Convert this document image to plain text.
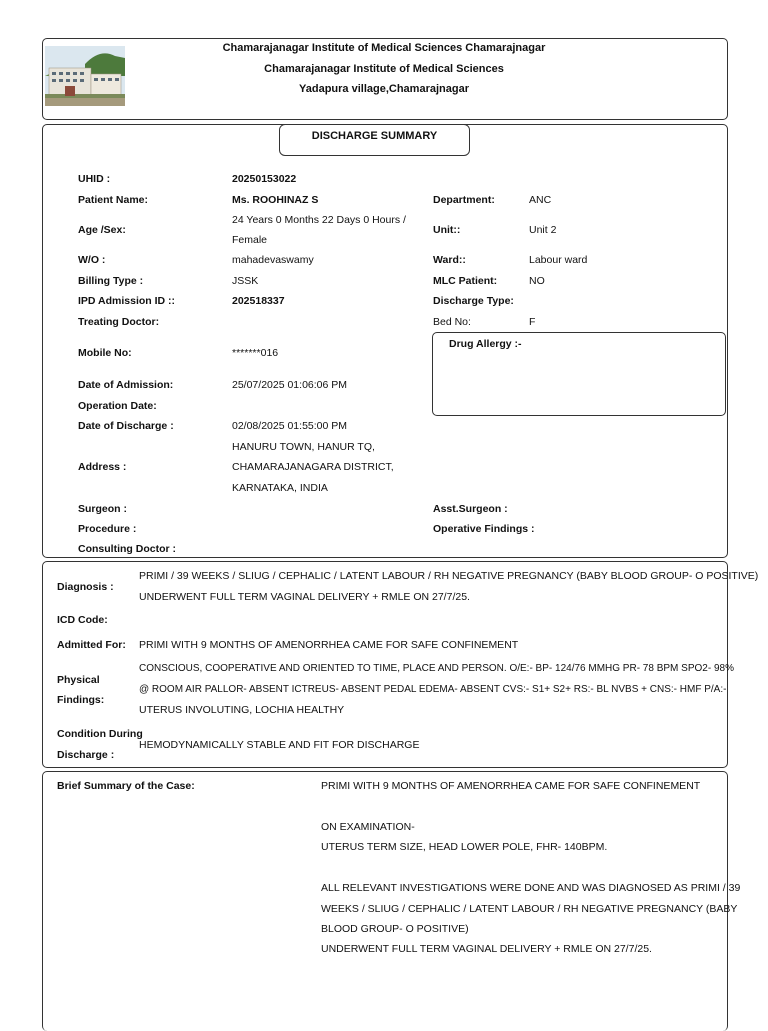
Chamarajanagar Institute of Medical Sciences Chamarajnagar
Chamarajanagar Institute of Medical Sciences
Yadapura village,Chamarajnagar
DISCHARGE SUMMARY
UHID :	20250153022
Patient Name:	Ms. ROOHINAZ S
Age /Sex:
24 Years 0 Months 22 Days 0 Hours /
Female
W/O :	mahadevaswamy
Billing Type :	JSSK
IPD Admission ID ::	202518337
Treating Doctor:
Mobile No:	*******016
Date of Admission:	25/07/2025 01:06:06 PM
Operation Date:
Date of Discharge :	02/08/2025 01:55:00 PM
Address :
HANURU TOWN, HANUR TQ,
CHAMARAJANAGARA DISTRICT,
KARNATAKA, INDIA
Surgeon :
Procedure :
Consulting Doctor :
Department:	ANC
Unit::	Unit 2
Ward::	Labour ward
MLC Patient:	NO
Discharge Type:
Bed No:	F
Drug Allergy :-
Asst.Surgeon :
Operative Findings :
Diagnosis :
PRIMI / 39 WEEKS / SLIUG / CEPHALIC / LATENT LABOUR / RH NEGATIVE PREGNANCY (BABY BLOOD GROUP- O POSITIVE)
UNDERWENT FULL TERM VAGINAL DELIVERY + RMLE ON 27/7/25.
ICD Code:
Admitted For: PRIMI WITH 9 MONTHS OF AMENORRHEA CAME FOR SAFE CONFINEMENT
Physical
Findings:
CONSCIOUS, COOPERATIVE AND ORIENTED TO TIME, PLACE AND PERSON. O/E:- BP- 124/76 MMHG PR- 78 BPM SPO2- 98%
@ ROOM AIR PALLOR- ABSENT ICTREUS- ABSENT PEDAL EDEMA- ABSENT CVS:- S1+ S2+ RS:- BL NVBS + CNS:- HMF P/A:-
UTERUS INVOLUTING, LOCHIA HEALTHY
Condition During
Discharge :
HEMODYNAMICALLY STABLE AND FIT FOR DISCHARGE
Brief Summary of the Case:	PRIMI WITH 9 MONTHS OF AMENORRHEA CAME FOR SAFE CONFINEMENT
ON EXAMINATION-
UTERUS TERM SIZE, HEAD LOWER POLE, FHR- 140BPM.
ALL RELEVANT INVESTIGATIONS WERE DONE AND WAS DIAGNOSED AS PRIMI / 39
WEEKS / SLIUG / CEPHALIC / LATENT LABOUR / RH NEGATIVE PREGNANCY (BABY
BLOOD GROUP- O POSITIVE)
UNDERWENT FULL TERM VAGINAL DELIVERY + RMLE ON 27/7/25.
